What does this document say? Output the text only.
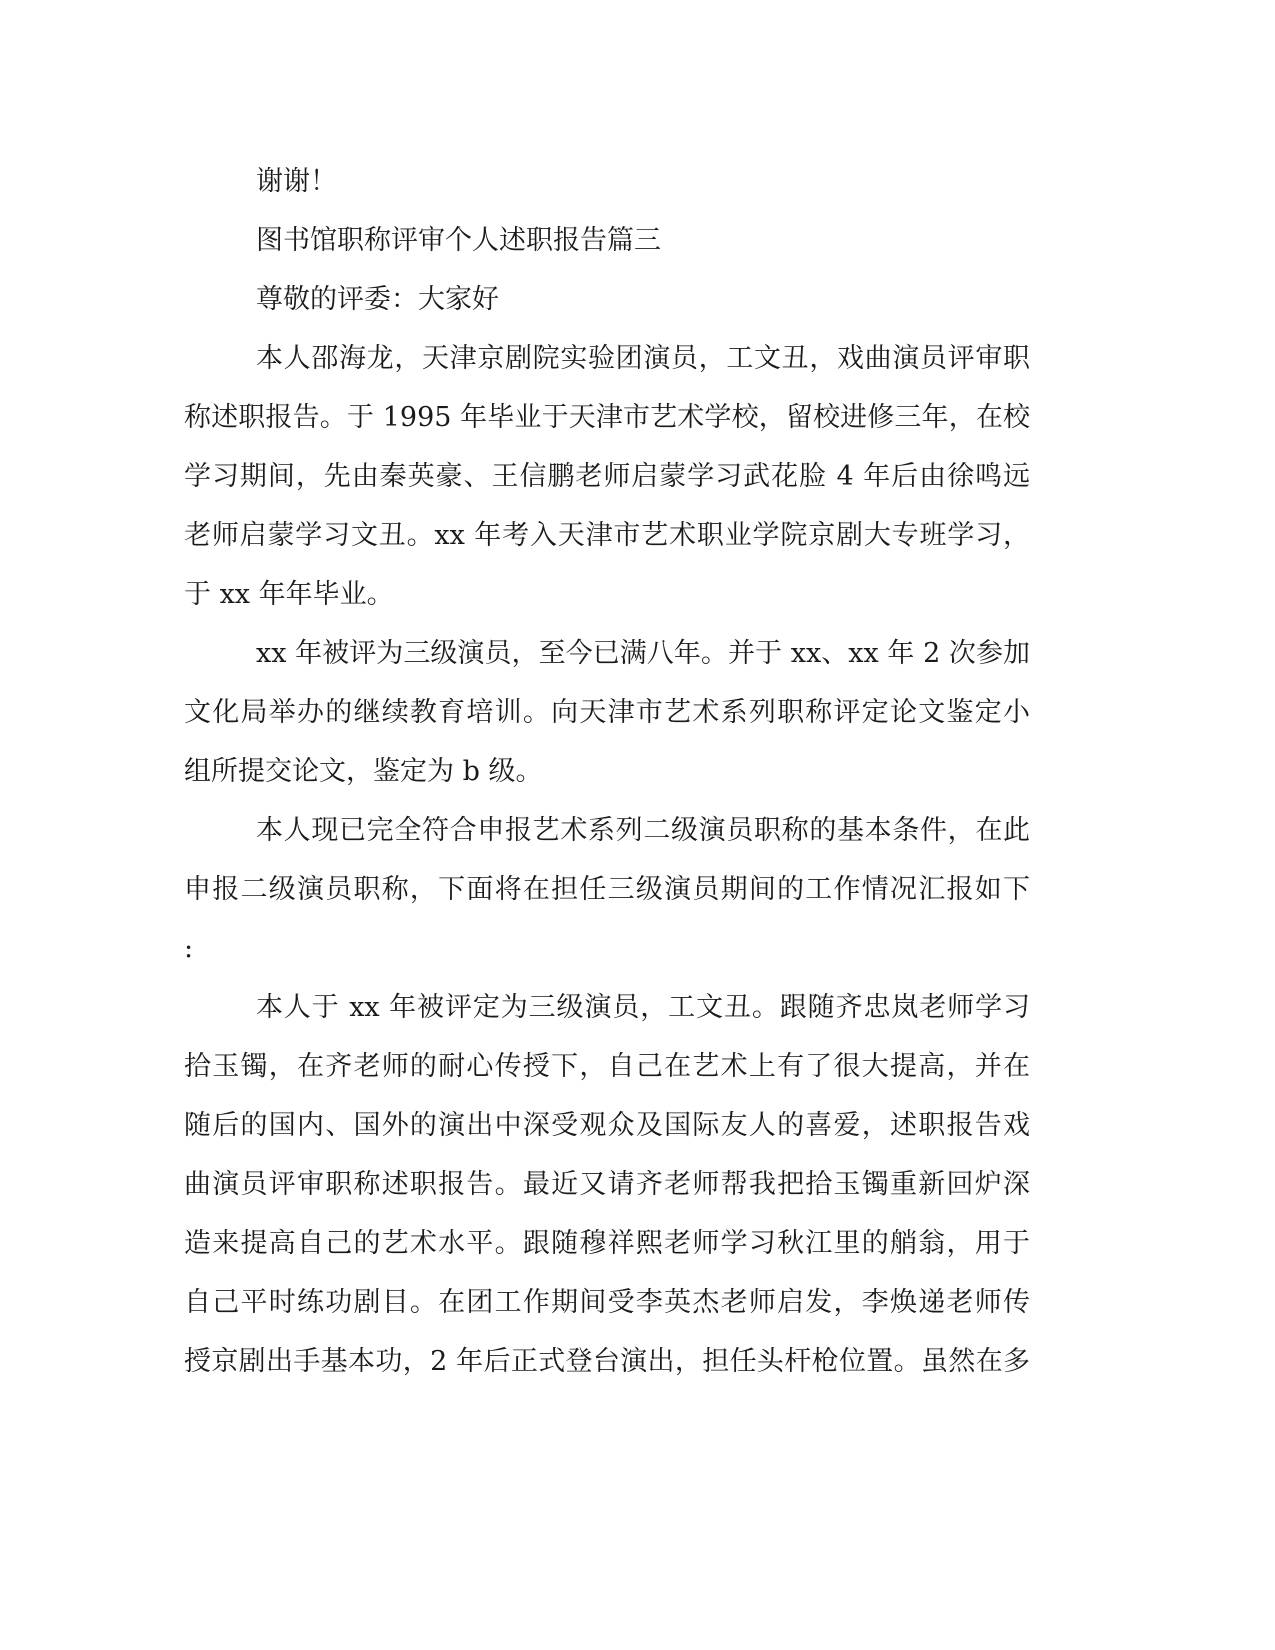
谢谢！

图书馆职称评审个人述职报告篇三

尊敬的评委：大家好

本人邵海龙，天津京剧院实验团演员，工文丑，戏曲演员评审职

称述职报告。于 1995 年毕业于天津市艺术学校，留校进修三年，在校

学习期间，先由秦英豪、王信鹏老师启蒙学习武花脸 4 年后由徐鸣远

老师启蒙学习文丑。xx 年考入天津市艺术职业学院京剧大专班学习，

于 xx 年年毕业。

xx 年被评为三级演员，至今已满八年。并于 xx、xx 年 2 次参加

文化局举办的继续教育培训。向天津市艺术系列职称评定论文鉴定小

组所提交论文，鉴定为 b 级。

本人现已完全符合申报艺术系列二级演员职称的基本条件，在此

申报二级演员职称，下面将在担任三级演员期间的工作情况汇报如下

:

本人于 xx 年被评定为三级演员，工文丑。跟随齐忠岚老师学习

拾玉镯，在齐老师的耐心传授下，自己在艺术上有了很大提高，并在

随后的国内、国外的演出中深受观众及国际友人的喜爱，述职报告戏

曲演员评审职称述职报告。最近又请齐老师帮我把拾玉镯重新回炉深

造来提高自己的艺术水平。跟随穆祥熙老师学习秋江里的艄翁，用于

自己平时练功剧目。在团工作期间受李英杰老师启发，李焕递老师传

授京剧出手基本功，2 年后正式登台演出，担任头杆枪位置。虽然在多
